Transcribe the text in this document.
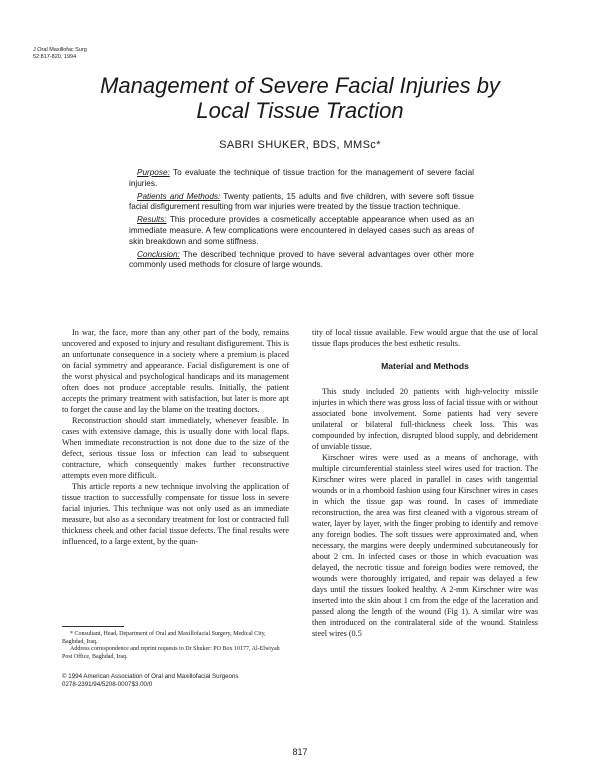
J Oral Maxillofac Surg
52:817-820, 1994
Management of Severe Facial Injuries by
Local Tissue Traction
SABRI SHUKER, BDS, MMSc*

Purpose: To evaluate the technique of tissue traction for the management of severe facial injuries.

Patients and Methods: Twenty patients, 15 adults and five children, with severe soft tissue facial disfigurement resulting from war injuries were treated by the tissue traction technique.

Results: This procedure provides a cosmetically acceptable appearance when used as an immediate measure. A few complications were encountered in delayed cases such as areas of skin breakdown and some stiffness.

Conclusion: The described technique proved to have several advantages over other more commonly used methods for closure of large wounds.

In war, the face, more than any other part of the body, remains uncovered and exposed to injury and resultant disfigurement. This is an unfortunate consequence in a society where a premium is placed on facial symmetry and appearance. Facial disfigurement is one of the worst physical and psychological handicaps and its management often does not produce acceptable results. Initially, the patient accepts the primary treatment with satisfaction, but later is more apt to forget the cause and lay the blame on the treating doctors.

Reconstruction should start immediately, whenever feasible. In cases with extensive damage, this is usually done with local flaps. When immediate reconstruction is not done due to the size of the defect, serious tissue loss or infection can lead to subsequent contracture, which consequently makes further reconstructive attempts even more difficult.

This article reports a new technique involving the application of tissue traction to successfully compensate for tissue loss in severe facial injuries. This technique was not only used as an immediate measure, but also as a secondary treatment for lost or contracted full thickness cheek and other facial tissue defects. The final results were influenced, to a large extent, by the quan-

tity of local tissue available. Few would argue that the use of local tissue flaps produces the best esthetic results.

Material and Methods

This study included 20 patients with high-velocity missile injuries in which there was gross loss of facial tissue with or without associated bone involvement. Some patients had very severe unilateral or bilateral full-thickness cheek loss. This was compounded by infection, disrupted blood supply, and debridement of unviable tissue.

Kirschner wires were used as a means of anchorage, with multiple circumferential stainless steel wires used for traction. The Kirschner wires were placed in parallel in cases with tangential wounds or in a rhomboid fashion using four Kirschner wires in cases in which the tissue gap was round. In cases of immediate reconstruction, the area was first cleaned with a vigorous stream of water, layer by layer, with the finger probing to identify and remove any foreign bodies. The soft tissues were approximated and, when necessary, the margins were deeply undermined subcutaneously for about 2 cm. In infected cases or those in which evacuation was delayed, the necrotic tissue and foreign bodies were removed, the wounds were thoroughly irrigated, and repair was delayed a few days until the tissues looked healthy. A 2-mm Kirschner wire was inserted into the skin about 1 cm from the edge of the laceration and passed along the length of the wound (Fig 1). A similar wire was then introduced on the contralateral side of the wound. Stainless steel wires (0.5

* Consultant, Head, Department of Oral and Maxillofacial Surgery, Medical City, Baghdad, Iraq.

Address correspondence and reprint requests to Dr Shuker: PO Box 10177, Al-Elwiyah Post Office, Baghdad, Iraq.

© 1994 American Association of Oral and Maxillofacial Surgeons
0278-2391/94/5208-0007$3.00/0
817
